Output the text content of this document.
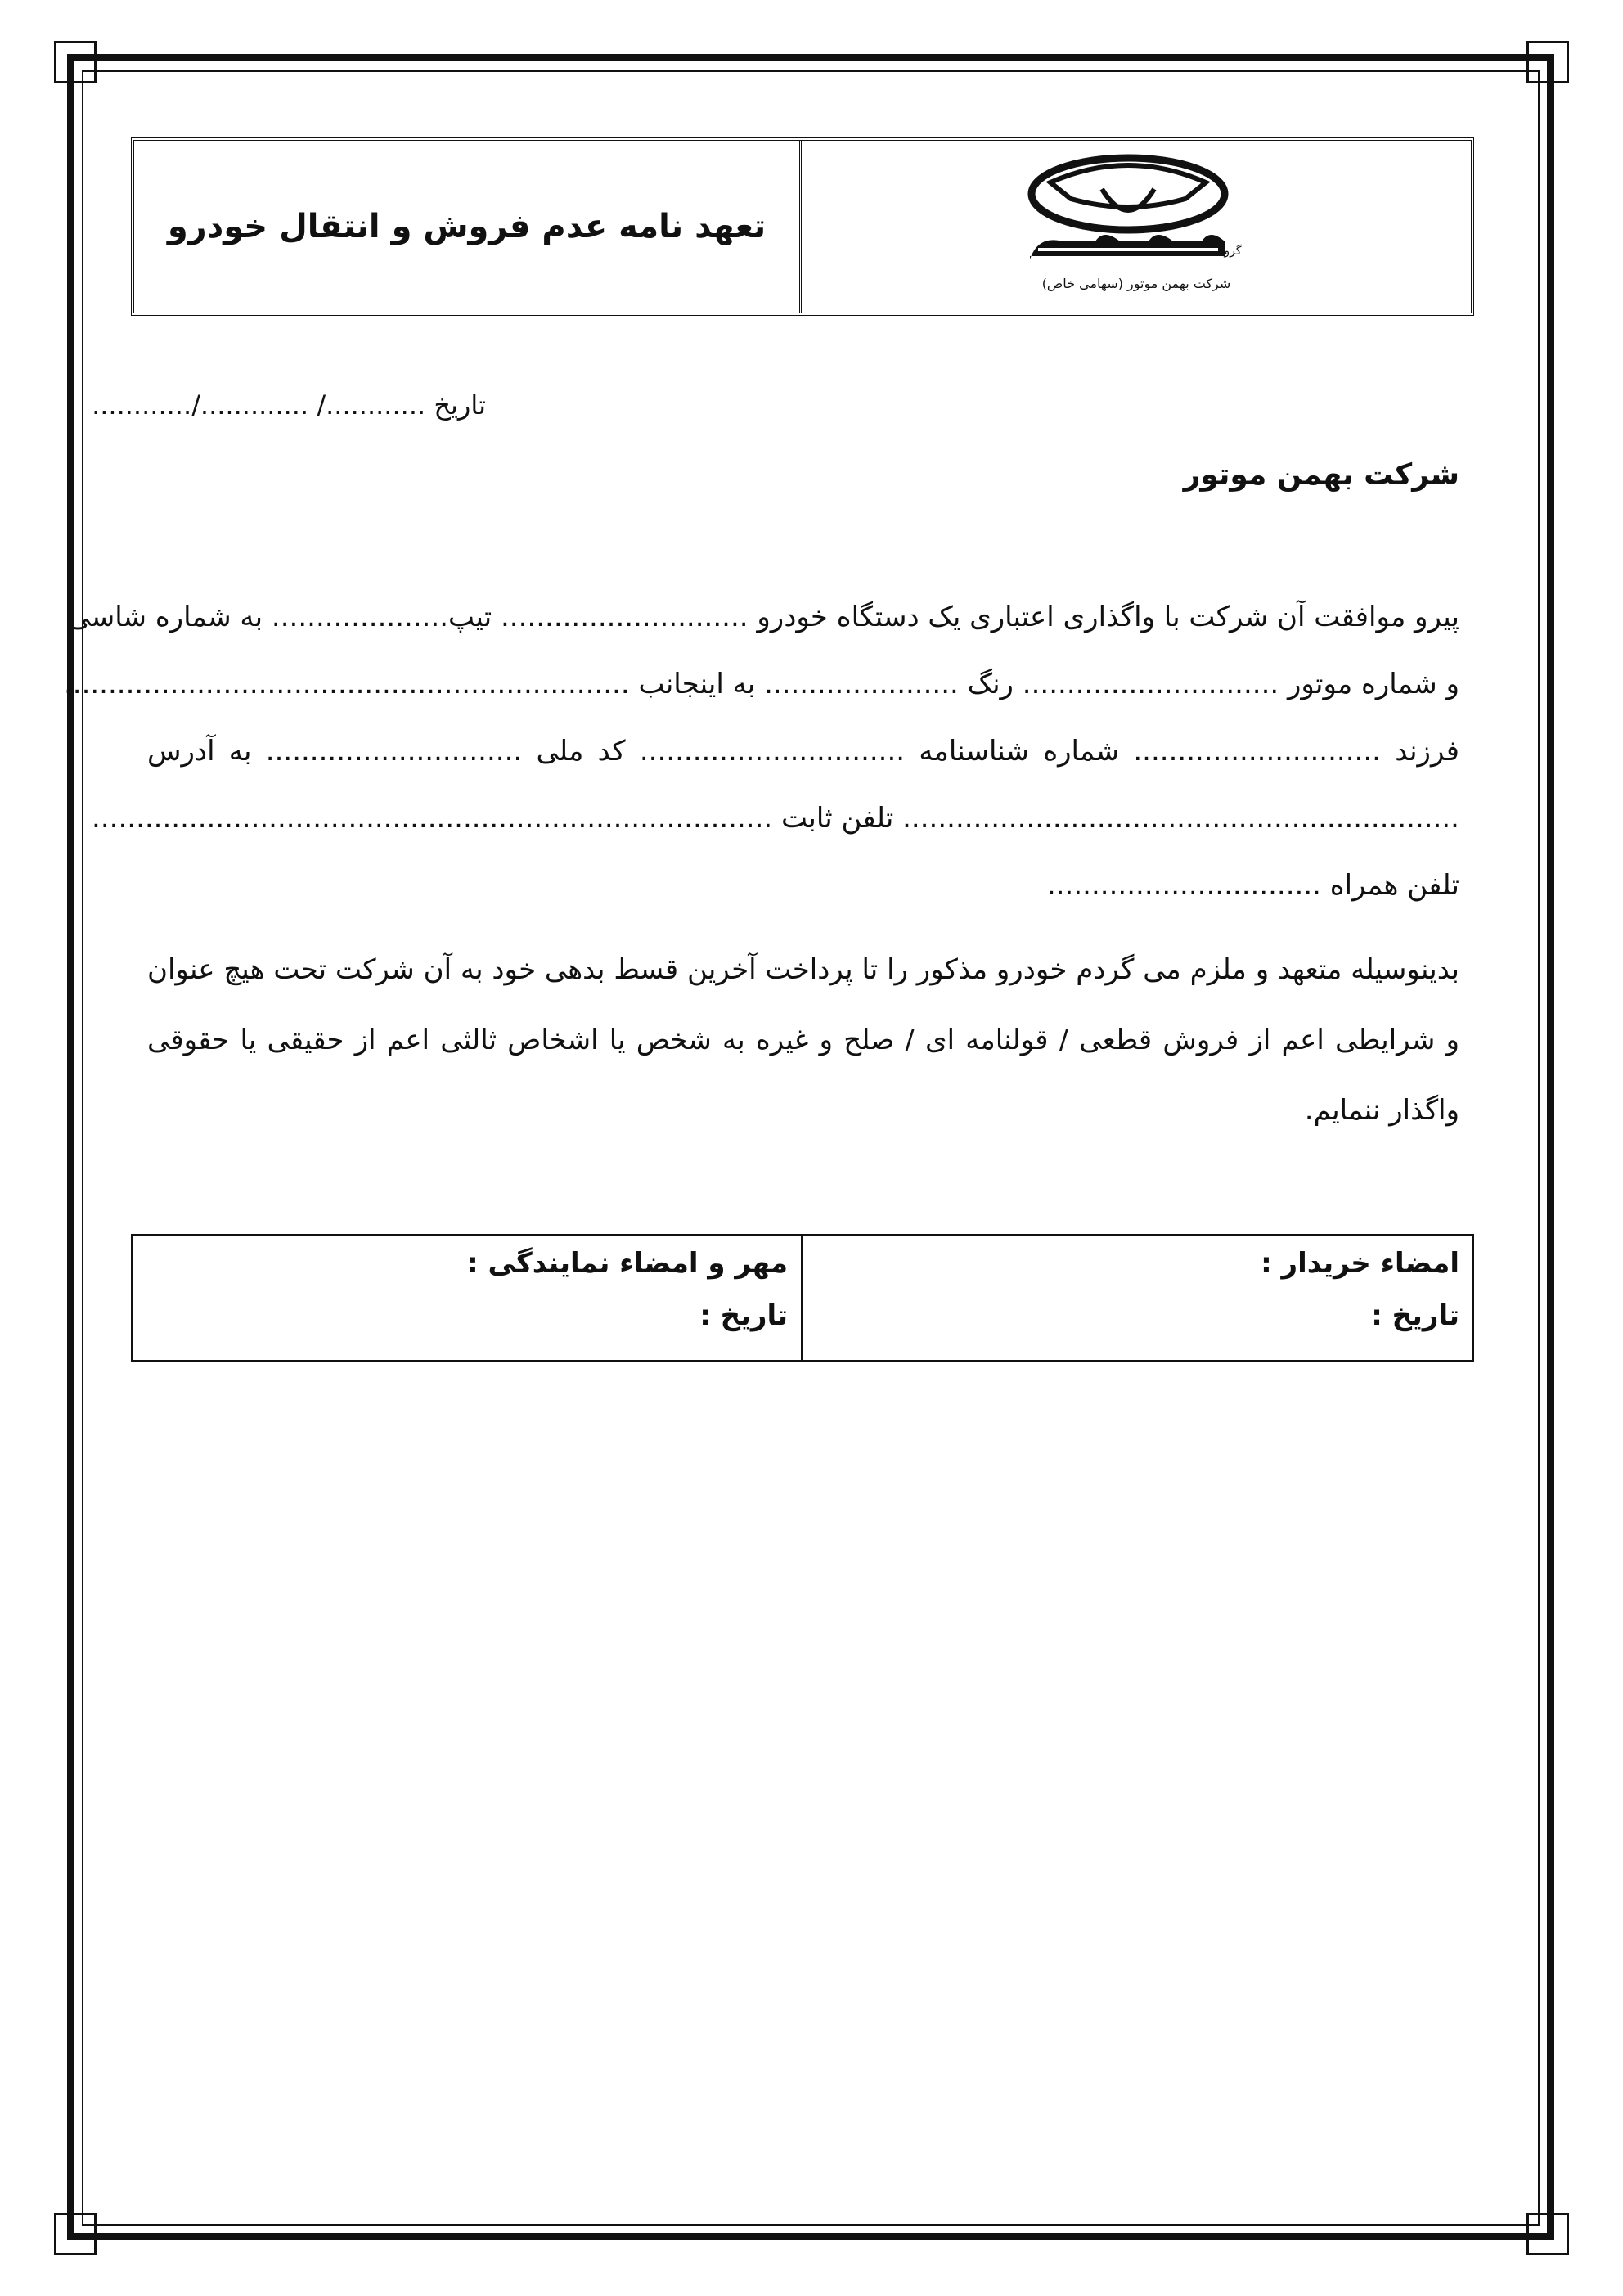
تعهد نامه عدم فروش و انتقال خودرو
گروه
شرکت بهمن موتور (سهامی خاص)
تاریخ ............/ ............./............
شرکت بهمن موتور
پیرو موافقت آن شرکت با واگذاری اعتباری یک دستگاه خودرو ............................ تیپ.................... به شماره شاسی
و شماره موتور ............................. رنگ ...................... به اینجانب ................................................................
فرزند ............................ شماره شناسنامه .............................. کد ملی ............................. به آدرس
............................................................... تلفن ثابت .............................................................................
تلفن همراه ...............................
بدینوسیله متعهد و ملزم می گردم خودرو مذکور را تا پرداخت آخرین قسط بدهی خود به آن شرکت تحت هیچ عنوان و شرایطی اعم از فروش قطعی / قولنامه ای / صلح و غیره به شخص یا اشخاص ثالثی اعم از حقیقی یا حقوقی واگذار ننمایم.
امضاء خریدار :
تاریخ :
مهر و امضاء نمایندگی :
تاریخ :
